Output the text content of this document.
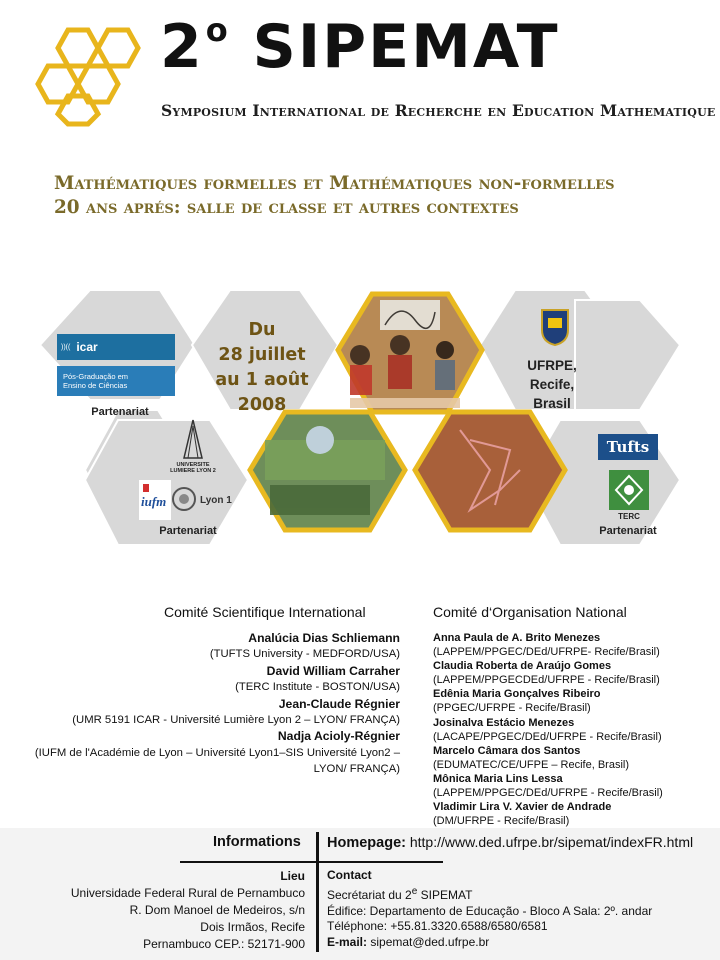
2$^o$ SIPEMAT
Symposium International de Recherche en Education Mathematique
Mathématiques formelles et Mathématiques non-formelles
20 ans aprés: salle de classe et autres contextes
Du
28 juillet
au 1 août
2008
UFRPE,
Recife,
Brasil
))(( icar
Pós-Graduação em
Ensino de Ciências
Partenariat
UNIVERSITE LUMIERE LYON 2
iufm	Lyon 1
Partenariat
Tufts
TERC
Partenariat
Comité Scientifique International
Analúcia Dias Schliemann
(TUFTS University - MEDFORD/USA)
David William Carraher
(TERC Institute - BOSTON/USA)
Jean-Claude Régnier
(UMR 5191 ICAR - Université Lumière Lyon 2 – LYON/ FRANÇA)
Nadja Acioly-Régnier
(IUFM de l'Académie de Lyon – Université Lyon1–SIS Université Lyon2 – LYON/ FRANÇA)
Comité d‘Organisation National
Anna Paula de A. Brito Menezes
(LAPPEM/PPGEC/DEd/UFRPE- Recife/Brasil)
Claudia Roberta de Araújo Gomes
(LAPPEM/PPGECDEd/UFRPE - Recife/Brasil)
Edênia Maria Gonçalves Ribeiro
(PPGEC/UFRPE - Recife/Brasil)
Josinalva Estácio Menezes
(LACAPE/PPGEC/DEd/UFRPE - Recife/Brasil)
Marcelo Câmara dos Santos
(EDUMATEC/CE/UFPE – Recife, Brasil)
Mônica Maria Lins Lessa
(LAPPEM/PPGEC/DEd/UFRPE - Recife/Brasil)
Vladimir Lira V. Xavier de Andrade
(DM/UFRPE - Recife/Brasil)
Informations Homepage: http://www.ded.ufrpe.br/sipemat/indexFR.html
Lieu
Universidade Federal Rural de Pernambuco
R. Dom Manoel de Medeiros, s/n
Dois Irmãos, Recife
Pernambuco CEP.: 52171-900
Contact
Secrétariat du 2e SIPEMAT
Édifice: Departamento de Educação - Bloco A Sala: 2º. andar
Téléphone: +55.81.3320.6588/6580/6581
E-mail: sipemat@ded.ufrpe.br
